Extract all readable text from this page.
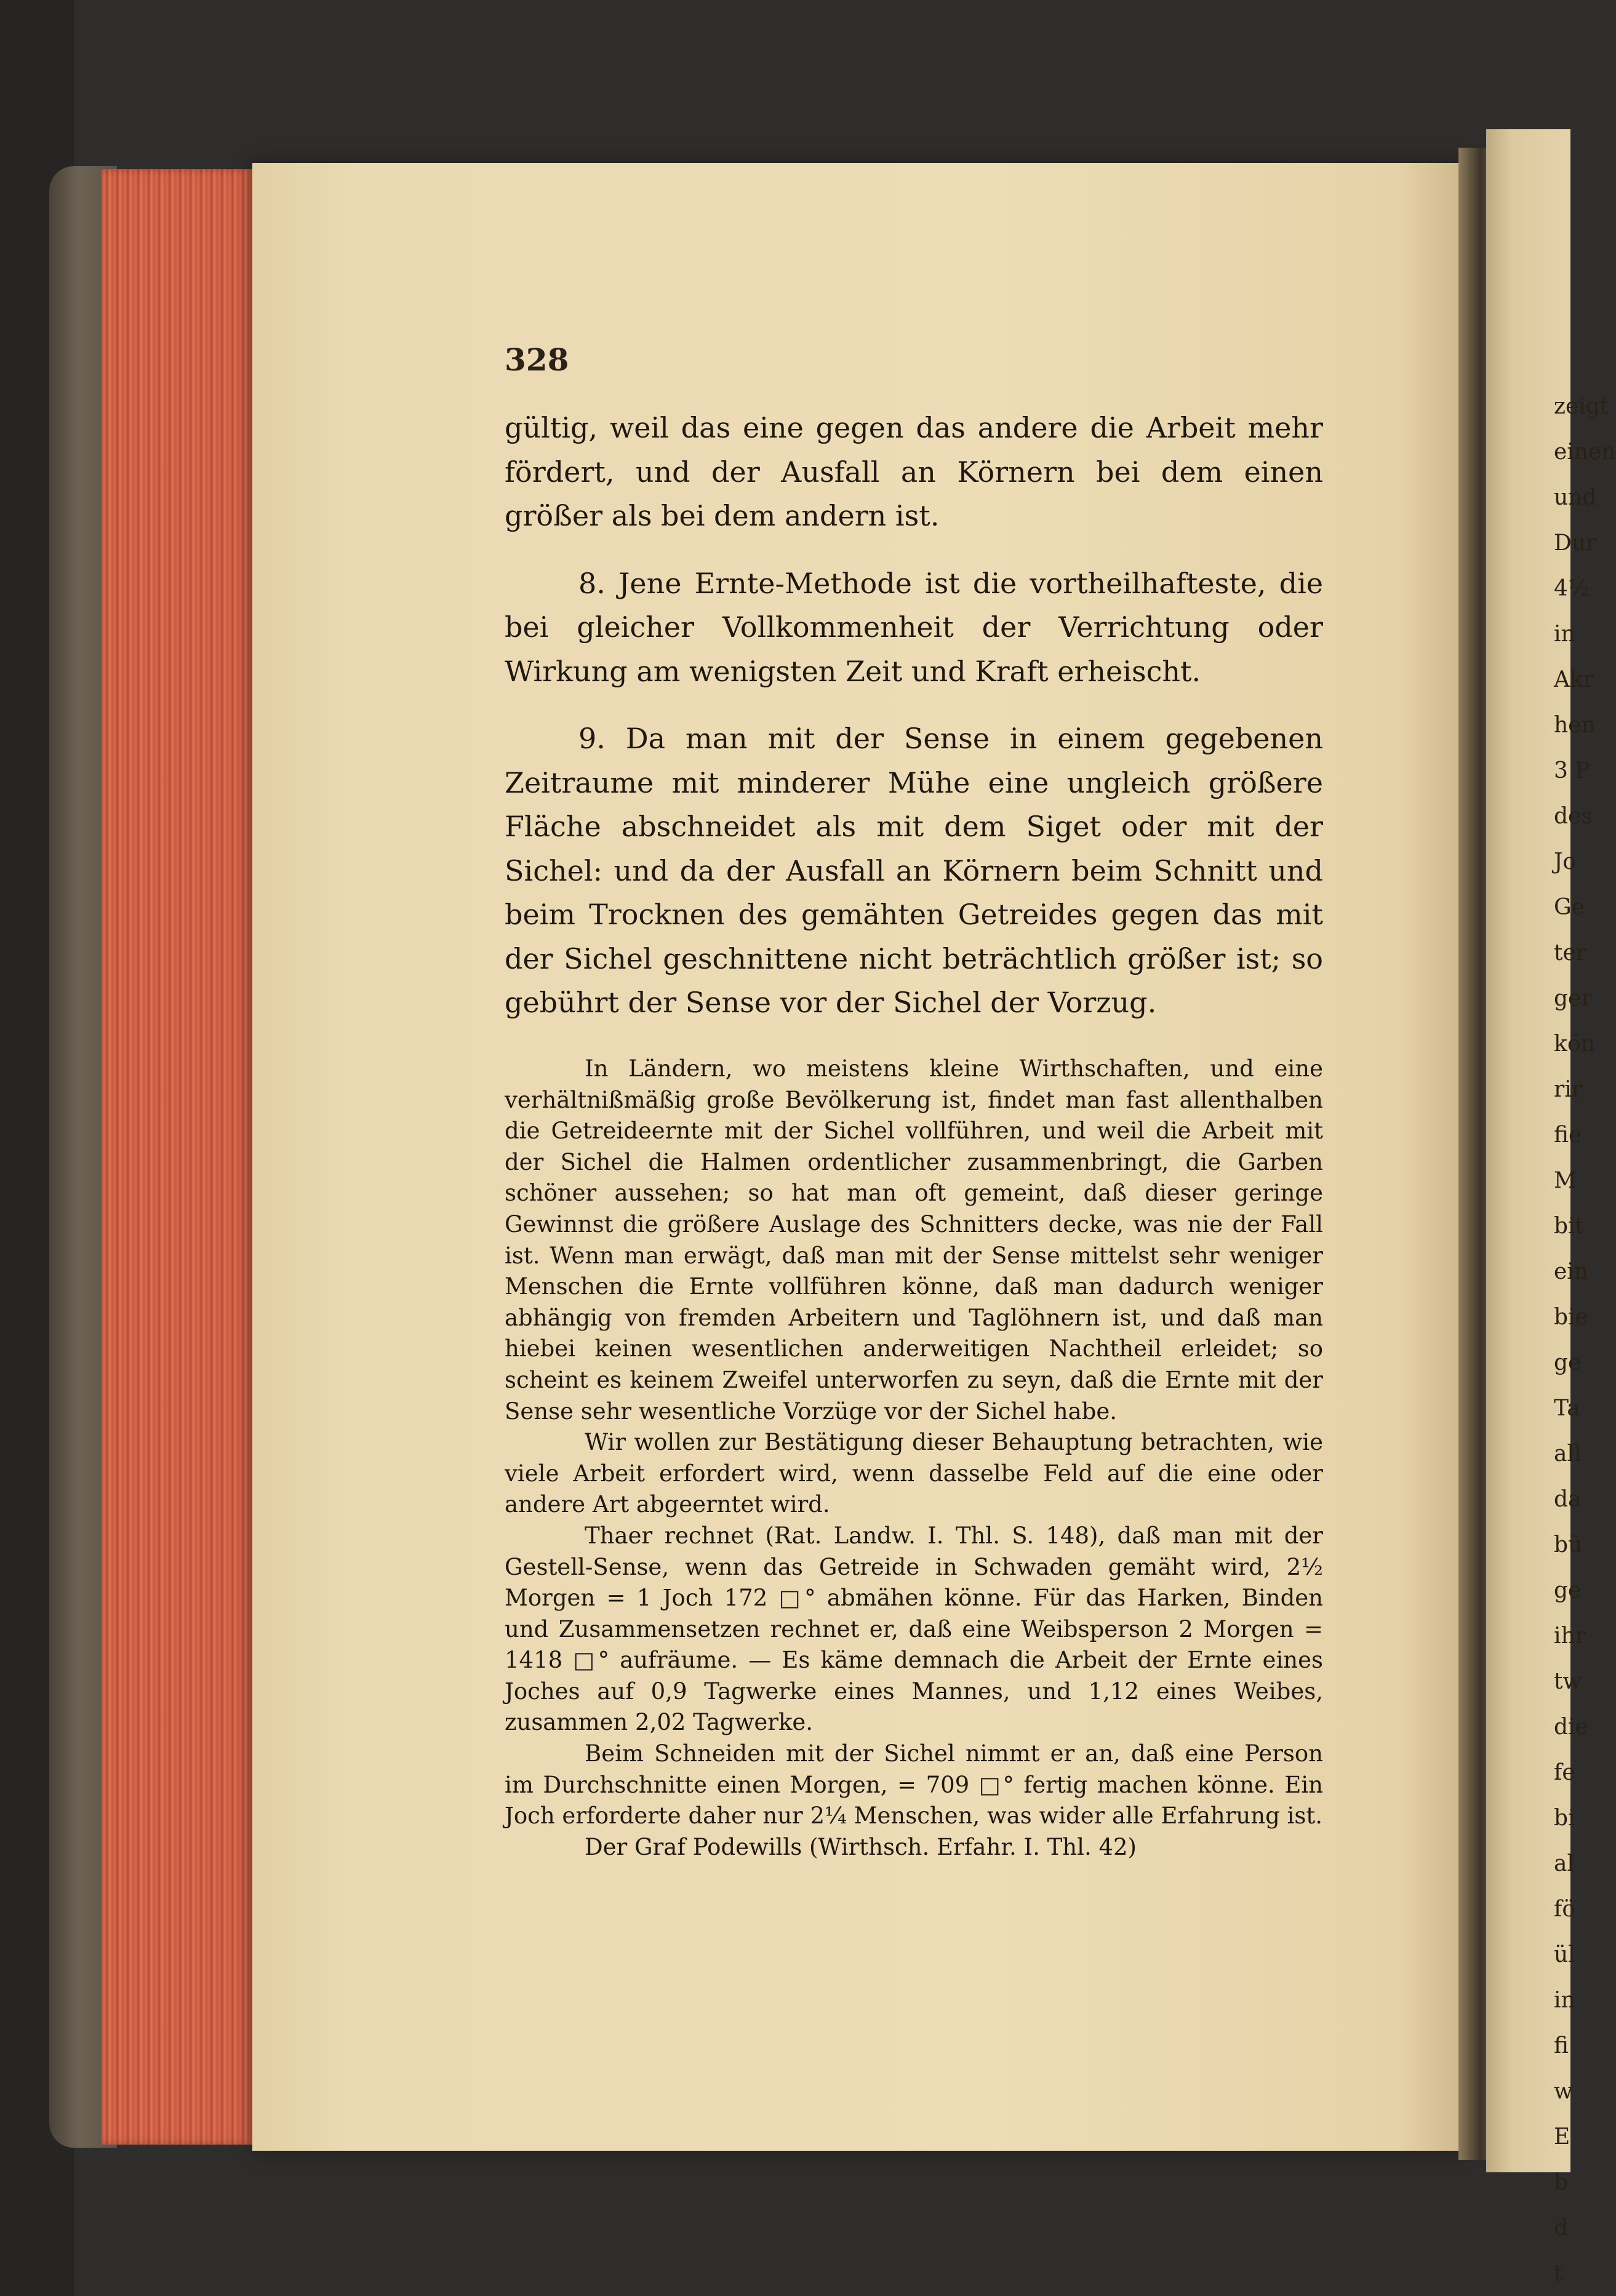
328

gültig, weil das eine gegen das andere die Arbeit mehr fördert, und der Ausfall an Körnern bei dem einen größer als bei dem andern ist.

8. Jene Ernte-Methode ist die vortheilhafteste, die bei gleicher Vollkommenheit der Verrichtung oder Wirkung am wenigsten Zeit und Kraft erheischt.

9. Da man mit der Sense in einem gegebenen Zeitraume mit minderer Mühe eine ungleich größere Fläche abschneidet als mit dem Siget oder mit der Sichel: und da der Ausfall an Körnern beim Schnitt und beim Trocknen des gemähten Getreides gegen das mit der Sichel geschnittene nicht beträchtlich größer ist; so gebührt der Sense vor der Sichel der Vorzug.

In Ländern, wo meistens kleine Wirthschaften, und eine verhältnißmäßig große Bevölkerung ist, findet man fast allenthalben die Getreideernte mit der Sichel vollführen, und weil die Arbeit mit der Sichel die Halmen ordentlicher zusammenbringt, die Garben schöner aussehen; so hat man oft gemeint, daß dieser geringe Gewinnst die größere Auslage des Schnitters decke, was nie der Fall ist. Wenn man erwägt, daß man mit der Sense mittelst sehr weniger Menschen die Ernte vollführen könne, daß man dadurch weniger abhängig von fremden Arbeitern und Taglöhnern ist, und daß man hiebei keinen wesentlichen anderweitigen Nachtheil erleidet; so scheint es keinem Zweifel unterworfen zu seyn, daß die Ernte mit der Sense sehr wesentliche Vorzüge vor der Sichel habe.

Wir wollen zur Bestätigung dieser Behauptung betrachten, wie viele Arbeit erfordert wird, wenn dasselbe Feld auf die eine oder andere Art abgeerntet wird.

Thaer rechnet (Rat. Landw. I. Thl. S. 148), daß man mit der Gestell-Sense, wenn das Getreide in Schwaden gemäht wird, 2½ Morgen = 1 Joch 172 □° abmähen könne. Für das Harken, Binden und Zusammensetzen rechnet er, daß eine Weibsperson 2 Morgen = 1418 □° aufräume. — Es käme demnach die Arbeit der Ernte eines Joches auf 0,9 Tagwerke eines Mannes, und 1,12 eines Weibes, zusammen 2,02 Tagwerke.

Beim Schneiden mit der Sichel nimmt er an, daß eine Person im Durchschnitte einen Morgen, = 709 □° fertig machen könne. Ein Joch erforderte daher nur 2¼ Menschen, was wider alle Erfahrung ist.

Der Graf Podewills (Wirthsch. Erfahr. I. Thl. 42)

zeigt
einen
und
Dur
4½
in
Akr
hen
3 P
des
Jo
Ge
ter
ger
kön
rir
fie
M
bit
ein
bie
ge
Ta
all
da
bü
ge
ihr
tw
die
fe
bi
al
fö
ül
in
fi
w
E
b
d
t
